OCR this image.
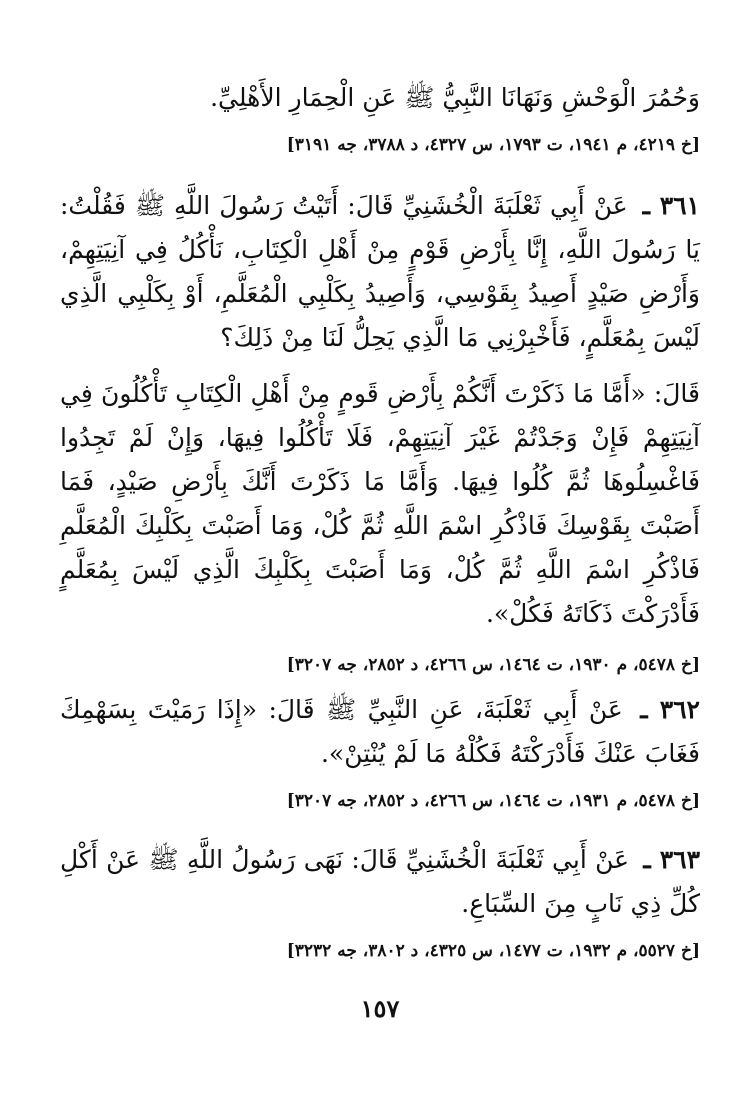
وَحُمُرَ الْوَحْشِ وَنَهَانَا النَّبِيُّ ﷺ عَنِ الْحِمَارِ الأَهْلِيِّ.

[خ ٤٢١٩، م ١٩٤١، ت ١٧٩٣، س ٤٣٢٧، د ٣٧٨٨، جه ٣١٩١]

٣٦١ ـ عَنْ أَبِي ثَعْلَبَةَ الْخُشَنِيِّ قَالَ: أَتَيْتُ رَسُولَ اللَّهِ ﷺ فَقُلْتُ: يَا رَسُولَ اللَّهِ، إِنَّا بِأَرْضِ قَوْمٍ مِنْ أَهْلِ الْكِتَابِ، نَأْكُلُ فِي آنِيَتِهِمْ، وَأَرْضِ صَيْدٍ أَصِيدُ بِقَوْسِي، وَأَصِيدُ بِكَلْبِي الْمُعَلَّمِ، أَوْ بِكَلْبِي الَّذِي لَيْسَ بِمُعَلَّمٍ، فَأَخْبِرْنِي مَا الَّذِي يَحِلُّ لَنَا مِنْ ذَلِكَ؟

قَالَ: «أَمَّا مَا ذَكَرْتَ أَنَّكُمْ بِأَرْضِ قَومٍ مِنْ أَهْلِ الْكِتَابِ تَأْكُلُونَ فِي آنِيَتِهِمْ فَإِنْ وَجَدْتُمْ غَيْرَ آنِيَتِهِمْ، فَلَا تَأْكُلُوا فِيهَا، وَإِنْ لَمْ تَجِدُوا فَاغْسِلُوهَا ثُمَّ كُلُوا فِيهَا. وَأَمَّا مَا ذَكَرْتَ أَنَّكَ بِأَرْضِ صَيْدٍ، فَمَا أَصَبْتَ بِقَوْسِكَ فَاذْكُرِ اسْمَ اللَّهِ ثُمَّ كُلْ، وَمَا أَصَبْتَ بِكَلْبِكَ الْمُعَلَّمِ فَاذْكُرِ اسْمَ اللَّهِ ثُمَّ كُلْ، وَمَا أَصَبْتَ بِكَلْبِكَ الَّذِي لَيْسَ بِمُعَلَّمٍ فَأَدْرَكْتَ ذَكَاتَهُ فَكُلْ».

[خ ٥٤٧٨، م ١٩٣٠، ت ١٤٦٤، س ٤٢٦٦، د ٢٨٥٢، جه ٣٢٠٧]

٣٦٢ ـ عَنْ أَبِي ثَعْلَبَةَ، عَنِ النَّبِيِّ ﷺ قَالَ: «إِذَا رَمَيْتَ بِسَهْمِكَ فَغَابَ عَنْكَ فَأَدْرَكْتَهُ فَكُلْهُ مَا لَمْ يُنْتِنْ».

[خ ٥٤٧٨، م ١٩٣١، ت ١٤٦٤، س ٤٢٦٦، د ٢٨٥٢، جه ٣٢٠٧]

٣٦٣ ـ عَنْ أَبِي ثَعْلَبَةَ الْخُشَنِيِّ قَالَ: نَهَى رَسُولُ اللَّهِ ﷺ عَنْ أَكْلِ كُلِّ ذِي نَابٍ مِنَ السِّبَاعِ.

[خ ٥٥٢٧، م ١٩٣٢، ت ١٤٧٧، س ٤٣٢٥، د ٣٨٠٢، جه ٣٢٣٢]

١٥٧
